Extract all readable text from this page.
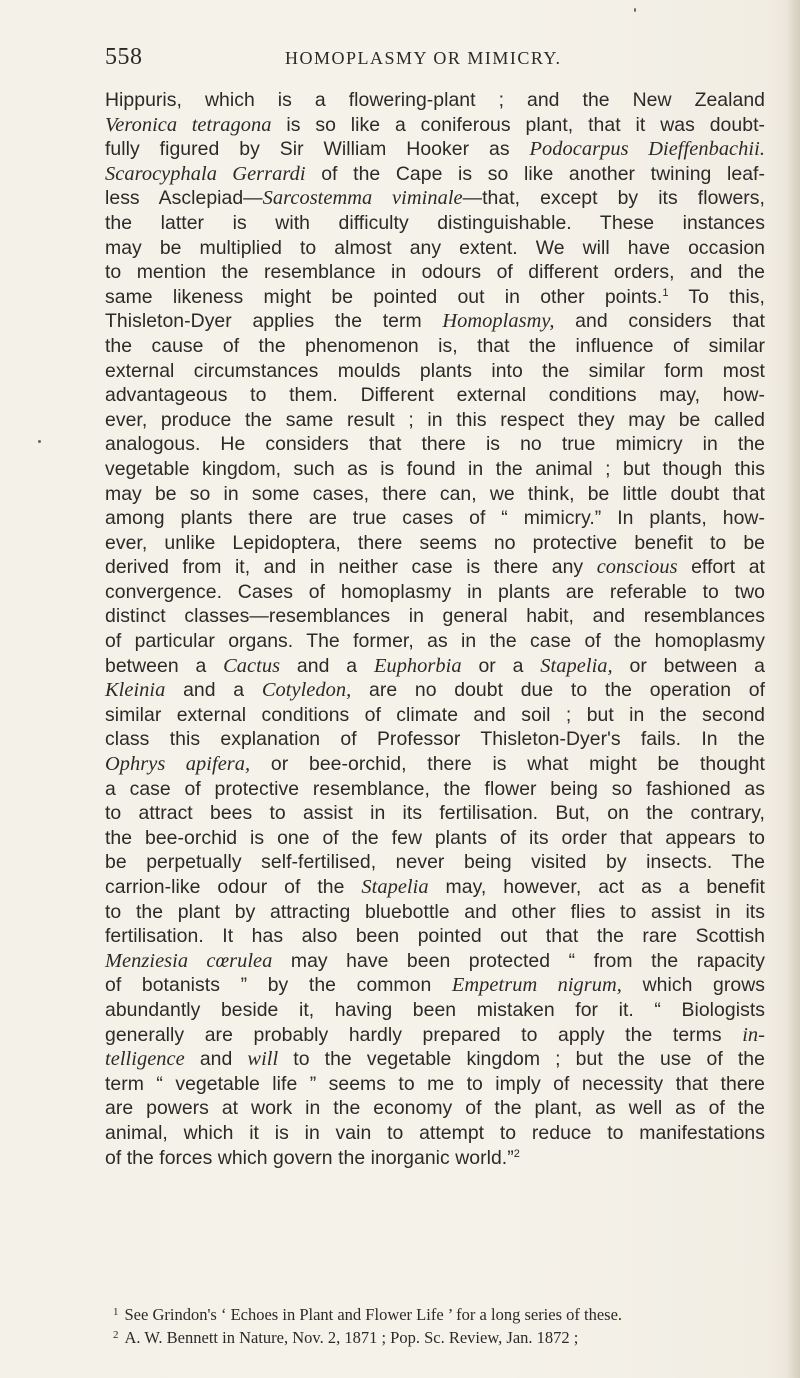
558	HOMOPLASMY OR MIMICRY.
Hippuris, which is a flowering-plant ; and the New Zealand
Veronica tetragona is so like a coniferous plant, that it was doubt-
fully figured by Sir William Hooker as Podocarpus Dieffenbachii.
Scarocyphala Gerrardi of the Cape is so like another twining leaf-
less Asclepiad—Sarcostemma viminale—that, except by its flowers,
the latter is with difficulty distinguishable. These instances
may be multiplied to almost any extent. We will have occasion
to mention the resemblance in odours of different orders, and the
same likeness might be pointed out in other points.$^1$ To this,
Thisleton-Dyer applies the term Homoplasmy, and considers that
the cause of the phenomenon is, that the influence of similar
external circumstances moulds plants into the similar form most
advantageous to them. Different external conditions may, how-
ever, produce the same result ; in this respect they may be called
analogous. He considers that there is no true mimicry in the
vegetable kingdom, such as is found in the animal ; but though this
may be so in some cases, there can, we think, be little doubt that
among plants there are true cases of “ mimicry.” In plants, how-
ever, unlike Lepidoptera, there seems no protective benefit to be
derived from it, and in neither case is there any conscious effort at
convergence. Cases of homoplasmy in plants are referable to two
distinct classes—resemblances in general habit, and resemblances
of particular organs. The former, as in the case of the homoplasmy
between a Cactus and a Euphorbia or a Stapelia, or between a
Kleinia and a Cotyledon, are no doubt due to the operation of
similar external conditions of climate and soil ; but in the second
class this explanation of Professor Thisleton-Dyer's fails. In the
Ophrys apifera, or bee-orchid, there is what might be thought
a case of protective resemblance, the flower being so fashioned as
to attract bees to assist in its fertilisation. But, on the contrary,
the bee-orchid is one of the few plants of its order that appears to
be perpetually self-fertilised, never being visited by insects. The
carrion-like odour of the Stapelia may, however, act as a benefit
to the plant by attracting bluebottle and other flies to assist in its
fertilisation. It has also been pointed out that the rare Scottish
Menziesia cœrulea may have been protected “ from the rapacity
of botanists ” by the common Empetrum nigrum, which grows
abundantly beside it, having been mistaken for it. “ Biologists
generally are probably hardly prepared to apply the terms in-
telligence and will to the vegetable kingdom ; but the use of the
term “ vegetable life ” seems to me to imply of necessity that there
are powers at work in the economy of the plant, as well as of the
animal, which it is in vain to attempt to reduce to manifestations
of the forces which govern the inorganic world.”$^2$
$^1$ See Grindon's ‘ Echoes in Plant and Flower Life ’ for a long series of these.
$^2$ A. W. Bennett in Nature, Nov. 2, 1871 ; Pop. Sc. Review, Jan. 1872 ;
